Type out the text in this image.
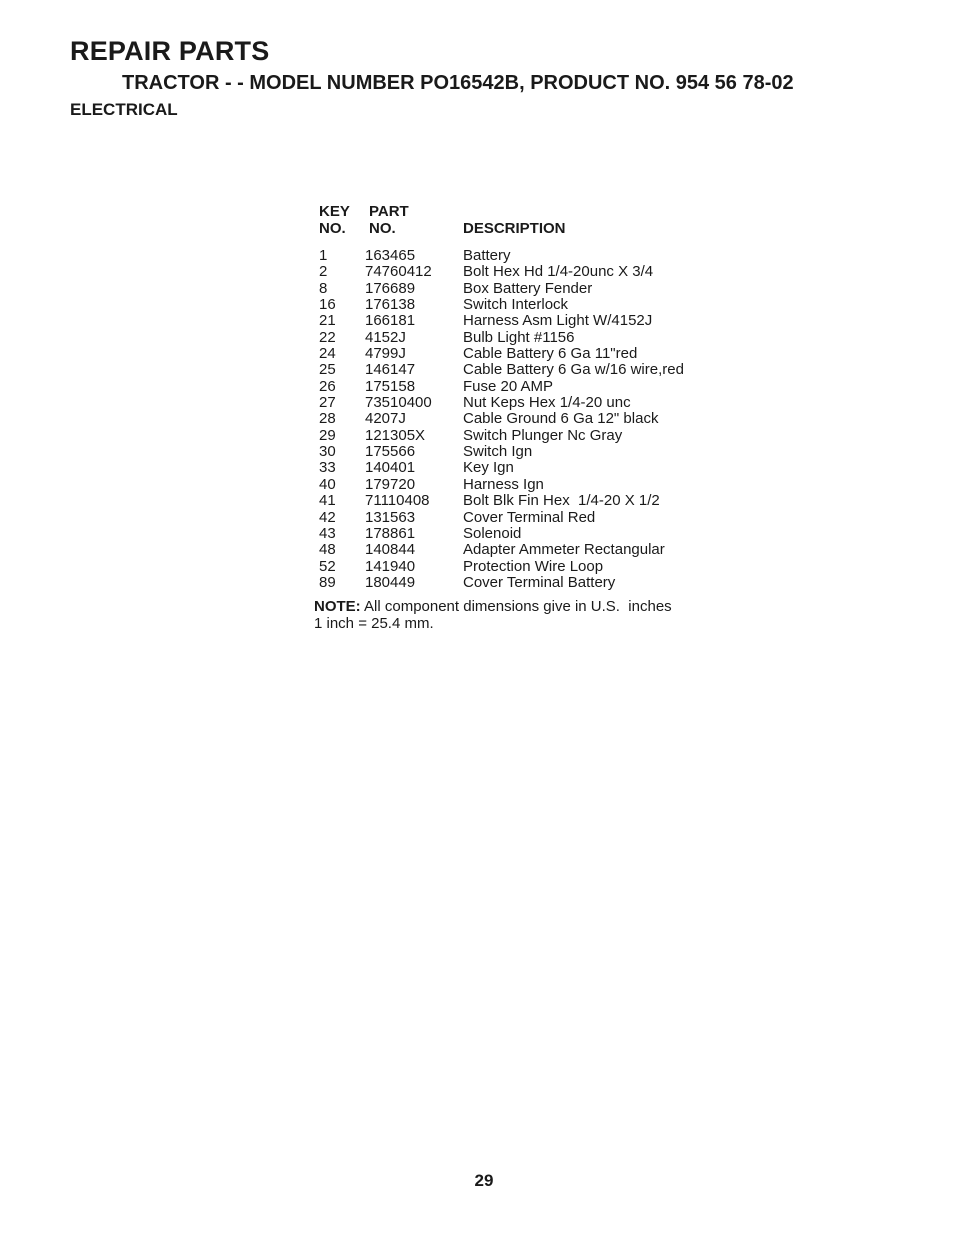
REPAIR PARTS
TRACTOR - - MODEL NUMBER PO16542B, PRODUCT NO. 954 56 78-02
ELECTRICAL
KEY
NO.
PART
NO.	DESCRIPTION
1	163465	Battery
2	74760412 Bolt Hex Hd 1/4-20unc X 3/4
8	176689	Box Battery Fender
16 176138	Switch Interlock
21 166181	Harness Asm Light W/4152J
22 4152J	Bulb Light #1156
24 4799J	Cable Battery 6 Ga 11"red
25 146147	Cable Battery 6 Ga w/16 wire,red
26 175158	Fuse 20 AMP
27 73510400 Nut Keps Hex 1/4-20 unc
28 4207J	Cable Ground 6 Ga 12" black
29 121305X	Switch Plunger Nc Gray
30 175566	Switch Ign
33 140401	Key Ign
40 179720	Harness Ign
41 71110408 Bolt Blk Fin Hex  1/4-20 X 1/2
42 131563	Cover Terminal Red
43 178861	Solenoid
48 140844	Adapter Ammeter Rectangular
52 141940	Protection Wire Loop
89 180449	Cover Terminal Battery
NOTE: All component dimensions give in U.S.  inches
1 inch = 25.4 mm.
29
